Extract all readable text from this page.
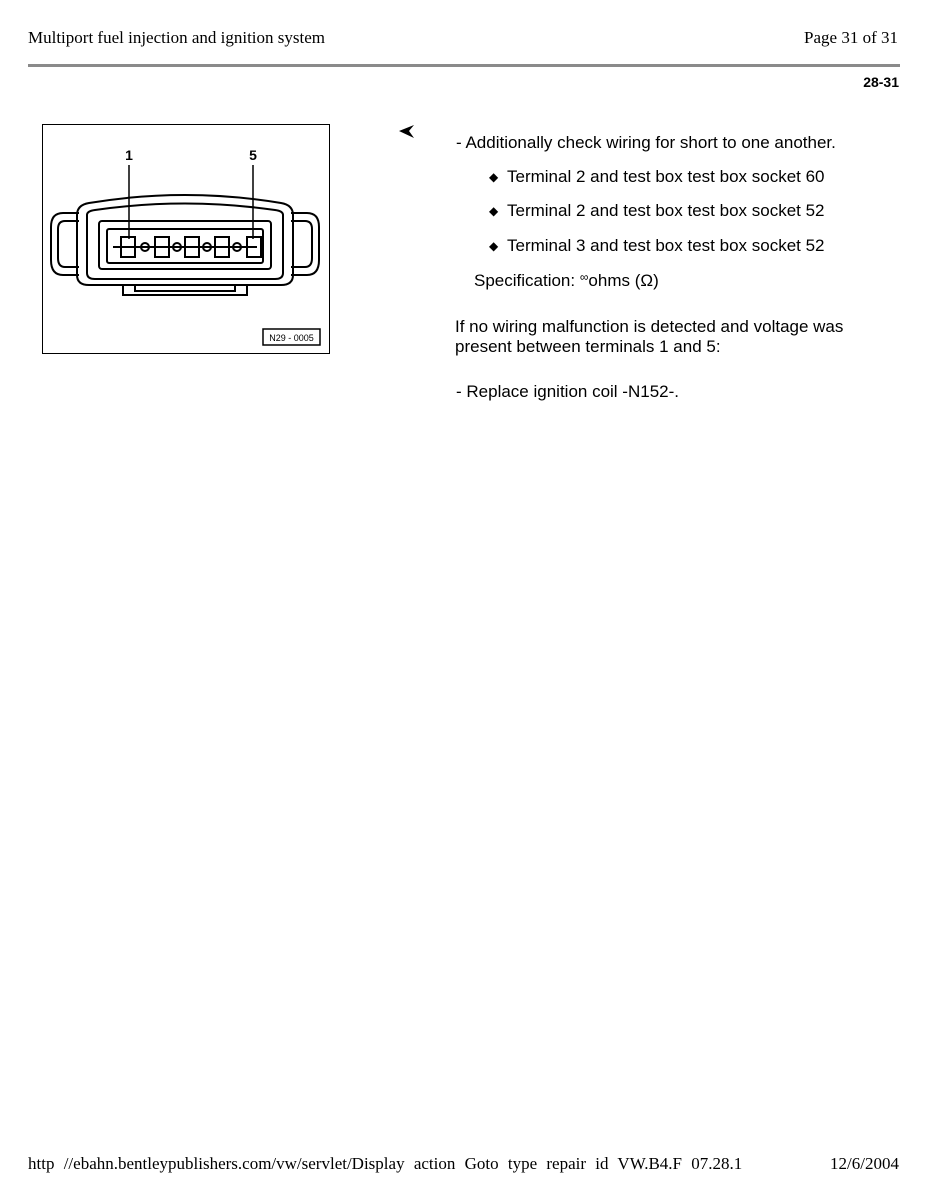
Multiport fuel injection and ignition system	Page 31 of 31
28-31
1	5
N29 - 0005
- Additionally check wiring for short to one another.
◆ Terminal 2 and test box test box socket 60
◆ Terminal 2 and test box test box socket 52
◆ Terminal 3 and test box test box socket 52
Specification: ∞ohms (Ω)
If no wiring malfunction is detected and voltage was
present between terminals 1 and 5:
- Replace ignition coil -N152-.
http //ebahn.bentleypublishers.com/vw/servlet/Display action Goto type repair id VW.B4.F 07.28.1	12/6/2004
